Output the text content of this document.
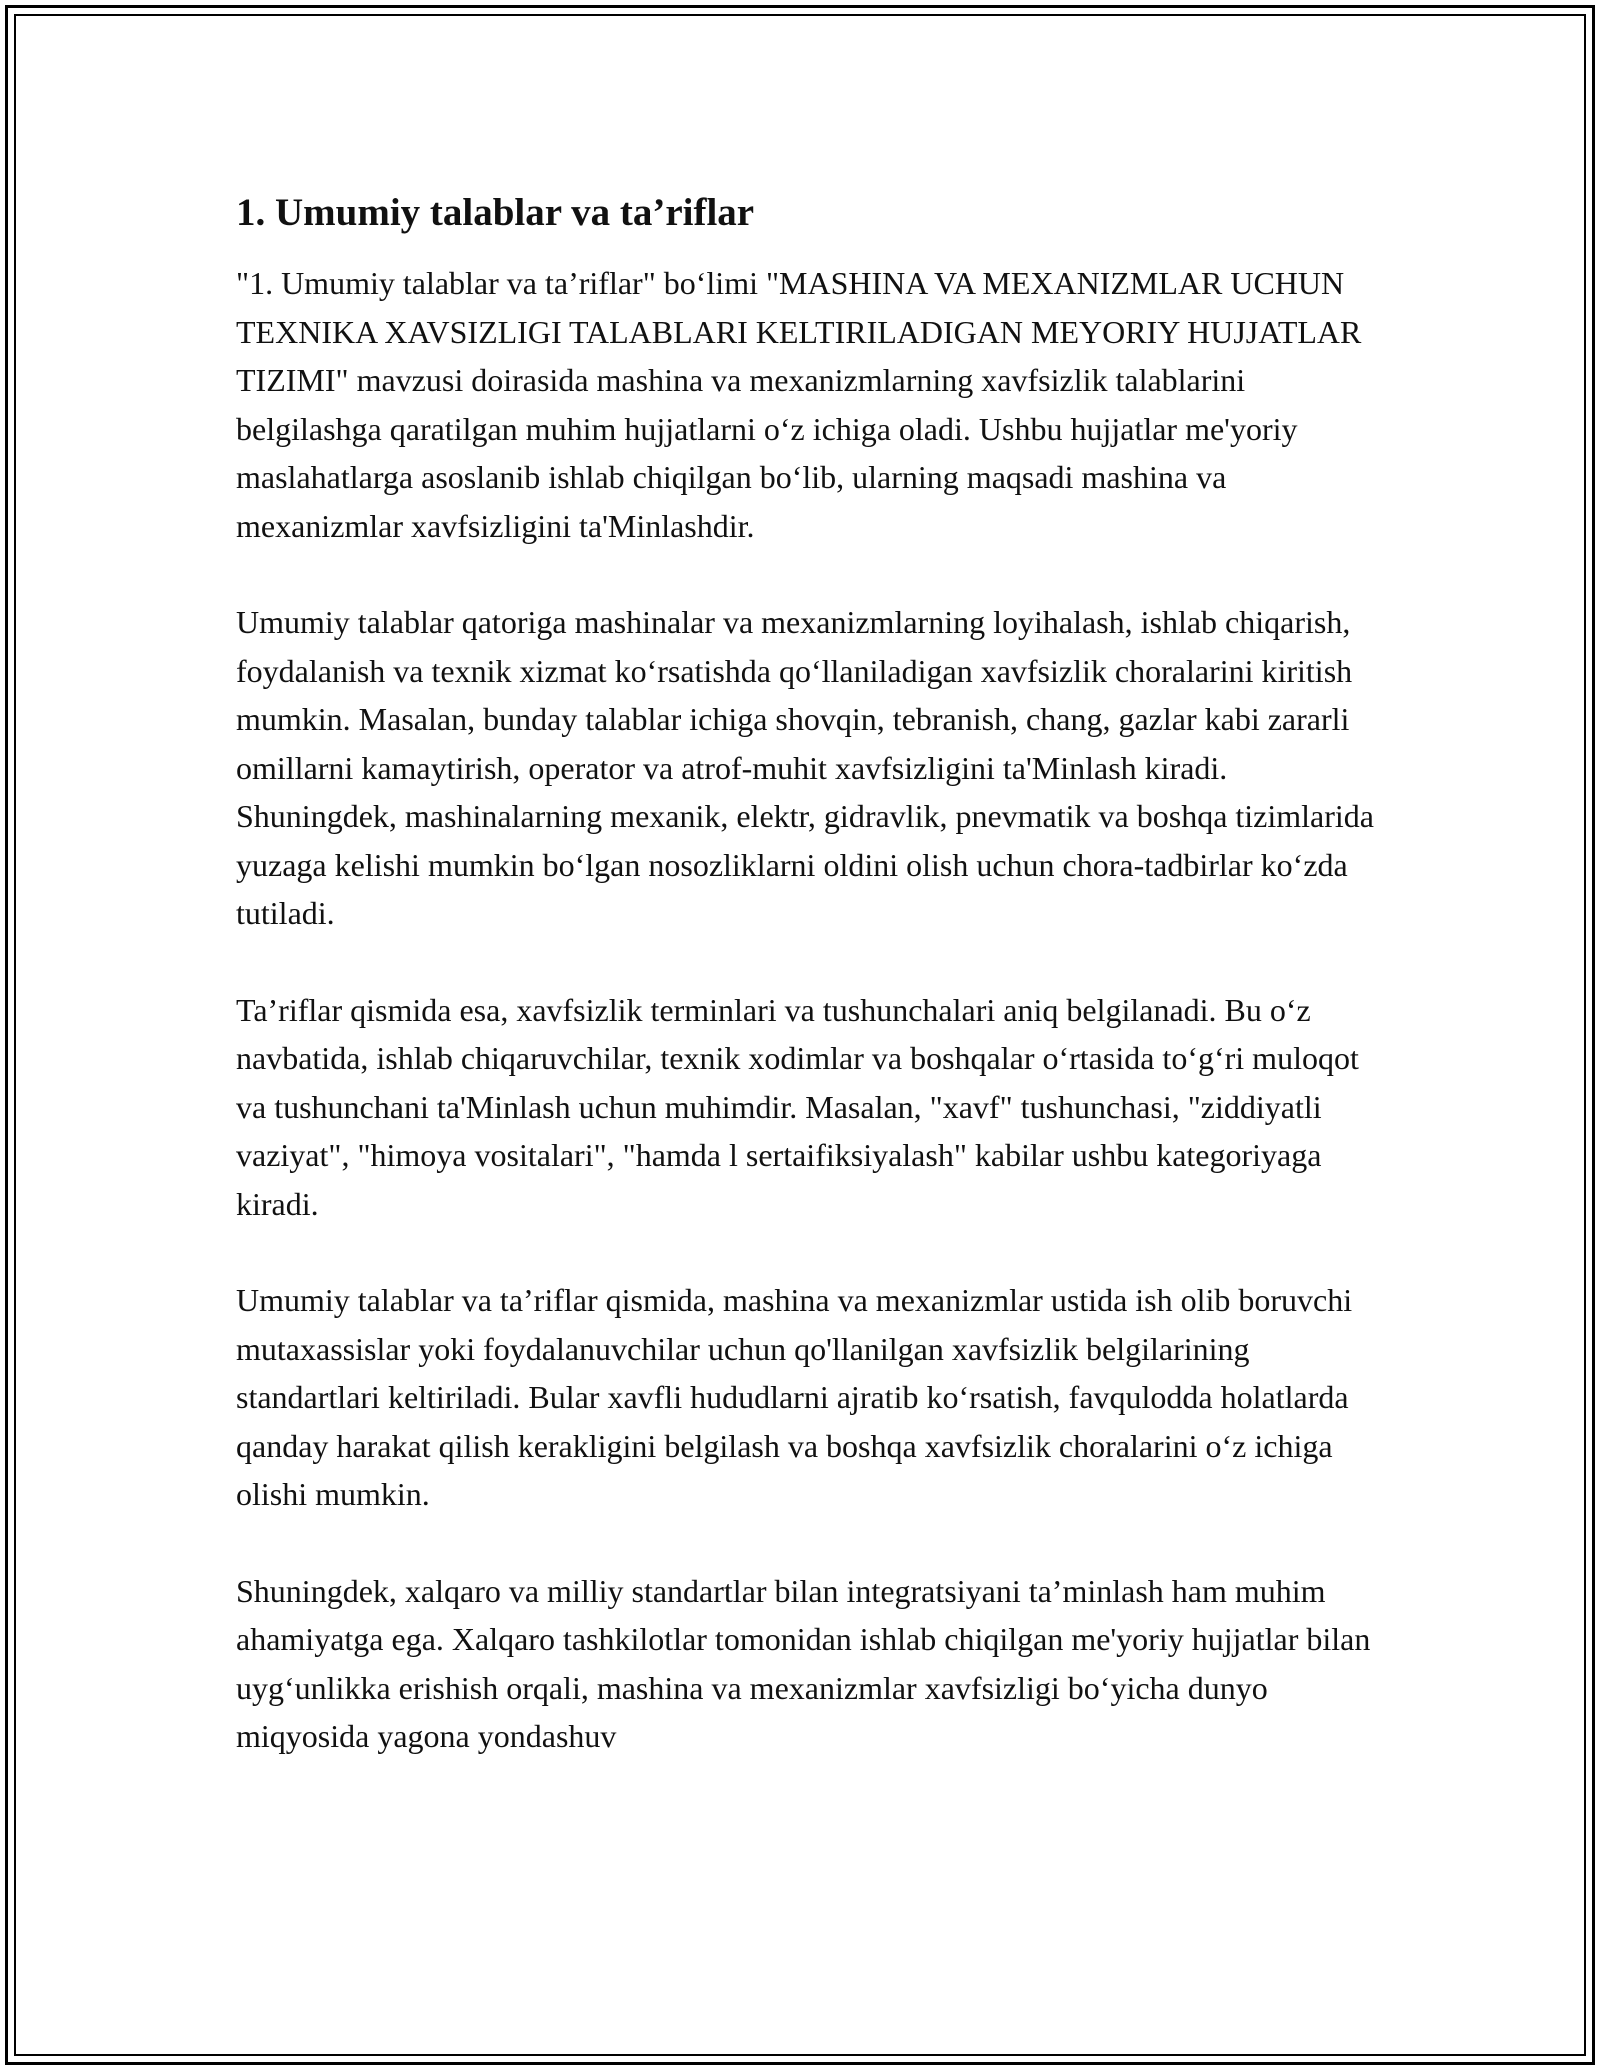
1. Umumiy talablar va ta’riflar

"1. Umumiy talablar va ta’riflar" bo‘limi "MASHINA VA MEXANIZMLAR UCHUN TEXNIKA XAVSIZLIGI TALABLARI KELTIRILADIGAN MEYORIY HUJJATLAR TIZIMI" mavzusi doirasida mashina va mexanizmlarning xavfsizlik talablarini belgilashga qaratilgan muhim hujjatlarni o‘z ichiga oladi. Ushbu hujjatlar me'yoriy maslahatlarga asoslanib ishlab chiqilgan bo‘lib, ularning maqsadi mashina va mexanizmlar xavfsizligini ta'Minlashdir.

Umumiy talablar qatoriga mashinalar va mexanizmlarning loyihalash, ishlab chiqarish, foydalanish va texnik xizmat ko‘rsatishda qo‘llaniladigan xavfsizlik choralarini kiritish mumkin. Masalan, bunday talablar ichiga shovqin, tebranish, chang, gazlar kabi zararli omillarni kamaytirish, operator va atrof-muhit xavfsizligini ta'Minlash kiradi. Shuningdek, mashinalarning mexanik, elektr, gidravlik, pnevmatik va boshqa tizimlarida yuzaga kelishi mumkin bo‘lgan nosozliklarni oldini olish uchun chora-tadbirlar ko‘zda tutiladi.

Ta’riflar qismida esa, xavfsizlik terminlari va tushunchalari aniq belgilanadi. Bu o‘z navbatida, ishlab chiqaruvchilar, texnik xodimlar va boshqalar o‘rtasida to‘g‘ri muloqot va tushunchani ta'Minlash uchun muhimdir. Masalan, "xavf" tushunchasi, "ziddiyatli vaziyat", "himoya vositalari", "hamda l sertaifiksiyalash" kabilar ushbu kategoriyaga kiradi.

Umumiy talablar va ta’riflar qismida, mashina va mexanizmlar ustida ish olib boruvchi mutaxassislar yoki foydalanuvchilar uchun qo'llanilgan xavfsizlik belgilarining standartlari keltiriladi. Bular xavfli hududlarni ajratib ko‘rsatish, favqulodda holatlarda qanday harakat qilish kerakligini belgilash va boshqa xavfsizlik choralarini o‘z ichiga olishi mumkin.

Shuningdek, xalqaro va milliy standartlar bilan integratsiyani ta’minlash ham muhim ahamiyatga ega. Xalqaro tashkilotlar tomonidan ishlab chiqilgan me'yoriy hujjatlar bilan uyg‘unlikka erishish orqali, mashina va mexanizmlar xavfsizligi bo‘yicha dunyo miqyosida yagona yondashuv
